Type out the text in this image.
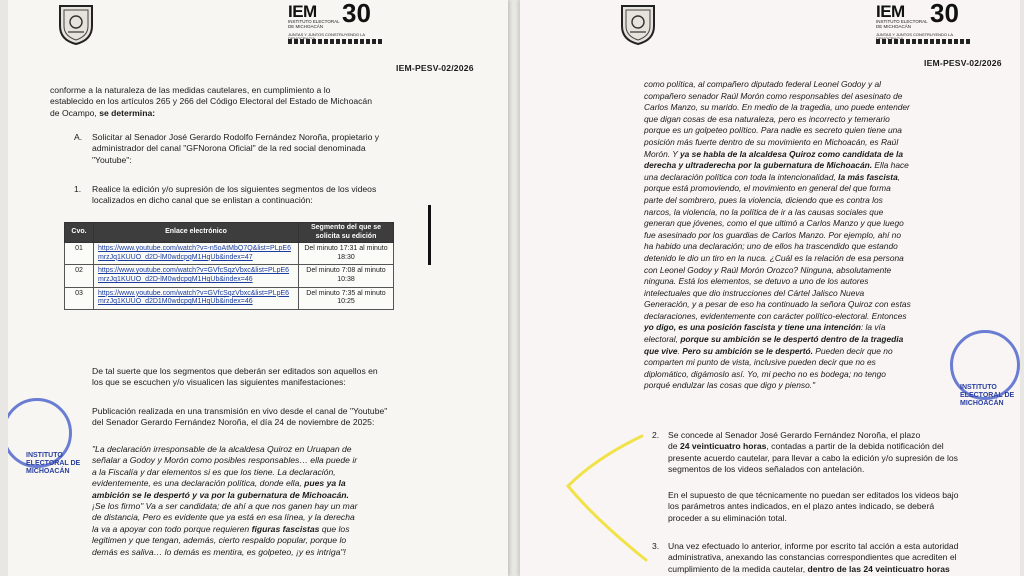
IEM 30
INSTITUTO ELECTORAL DE MICHOACÁN
JUNTAS Y JUNTOS CONSTRUYENDO LA
IEM-PESV-02/2026
conforme a la naturaleza de las medidas cautelares, en cumplimiento a lo
establecido en los artículos 265 y 266 del Código Electoral del Estado de Michoacán
de Ocampo, se determina:
A. Solicitar al Senador José Gerardo Rodolfo Fernández Noroña, propietario y
administrador del canal "GFNorona Oficial" de la red social denominada
"Youtube":
1. Realice la edición y/o supresión de los siguientes segmentos de los videos
localizados en dicho canal que se enlistan a continuación:
Cvo.	Enlace electrónico	Segmento del que se solicita su edición
01	https://www.youtube.com/watch?v=-n5oAtMbQ7Q&list=PLpE6mrzJq1KUUO_d2D-lM0wdcpqM1HqUb&index=47	Del minuto 17:31 al minuto 18:30
02	https://www.youtube.com/watch?v=GVfcSqzVbxc&list=PLpE6mrzJq1KUUO_d2D-lM0wdcpqM1HqUb&index=46	Del minuto 7:08 al minuto 10:38
03	https://www.youtube.com/watch?v=GVfcSqzVbxc&list=PLpE6mrzJq1KUUO_d2D1M0wdcpqM1HqUb&index=46	Del minuto 7:35 al minuto 10:25
De tal suerte que los segmentos que deberán ser editados son aquellos en
los que se escuchen y/o visualicen las siguientes manifestaciones:
Publicación realizada en una transmisión en vivo desde el canal de "Youtube"
del Senador Gerardo Fernández Noroña, el día 24 de noviembre de 2025:
"La declaración irresponsable de la alcaldesa Quiroz en Uruapan de
señalar a Godoy y Morón como posibles responsables… ella puede ir
a la Fiscalía y dar elementos si es que los tiene. La declaración,
evidentemente, es una declaración política, donde ella, pues ya la
ambición se le despertó y va por la gubernatura de Michoacán.
¡Se los firmo" Va a ser candidata; de ahí a que nos ganen hay un mar
de distancia, Pero es evidente que ya está en esa línea, y la derecha
la va a apoyar con todo porque requieren figuras fascistas que los
legitimen y que tengan, además, cierto respaldo popular, porque lo
demás es saliva… lo demás es mentira, es golpeteo, ¡y es intriga"!
INSTITUTO ELECTORAL DE MICHOACÁN
IEM 30
INSTITUTO ELECTORAL DE MICHOACÁN
JUNTAS Y JUNTOS CONSTRUYENDO LA
IEM-PESV-02/2026
como política, al compañero diputado federal Leonel Godoy y al
compañero senador Raúl Morón como responsables del asesinato de
Carlos Manzo, su marido. En medio de la tragedia, uno puede entender
que digan cosas de esa naturaleza, pero es incorrecto y temerario
porque es un golpeteo político. Para nadie es secreto quien tiene una
posición más fuerte dentro de su movimiento en Michoacán, es Raúl
Morón. Y ya se habla de la alcaldesa Quiroz como candidata de la
derecha y ultraderecha por la gubernatura de Michoacán. Ella hace
una declaración política con toda la intencionalidad, la más fascista,
porque está promoviendo, el movimiento en general del que forma
parte del sombrero, pues la violencia, diciendo que es contra los
narcos, la violencia, no la política de ir a las causas sociales que
generan que jóvenes, como el que ultimó a Carlos Manzo y que luego
fue asesinado por los guardias de Carlos Manzo. Por ejemplo, ahí no
ha habido una declaración; uno de ellos ha trascendido que estando
detenido le dio un tiro en la nuca. ¿Cuál es la relación de esa persona
con Leonel Godoy y Raúl Morón Orozco? Ninguna, absolutamente
ninguna. Está los elementos, se detuvo a uno de los autores
intelectuales que dio instrucciones del Cártel Jalisco Nueva
Generación, y a pesar de eso ha continuado la señora Quiroz con estas
declaraciones, evidentemente con carácter político-electoral. Entonces
yo digo, es una posición fascista y tiene una intención: la vía
electoral, porque su ambición se le despertó dentro de la tragedia
que vive. Pero su ambición se le despertó. Pueden decir que no
comparten mi punto de vista, inclusive pueden decir que no es
diplomático, digámoslo así. Yo, mi pecho no es bodega; no tengo
porqué endulzar las cosas que digo y pienso."
2. Se concede al Senador José Gerardo Fernández Noroña, el plazo
de 24 veinticuatro horas, contadas a partir de la debida notificación del
presente acuerdo cautelar, para llevar a cabo la edición y/o supresión de los
segmentos de los videos señalados con antelación.
En el supuesto de que técnicamente no puedan ser editados los videos bajo
los parámetros antes indicados, en el plazo antes indicado, se deberá
proceder a su eliminación total.
3. Una vez efectuado lo anterior, informe por escrito tal acción a esta autoridad
administrativa, anexando las constancias correspondientes que acrediten el
cumplimiento de la medida cautelar, dentro de las 24 veinticuatro horas
INSTITUTO ELECTORAL DE MICHOACÁN
